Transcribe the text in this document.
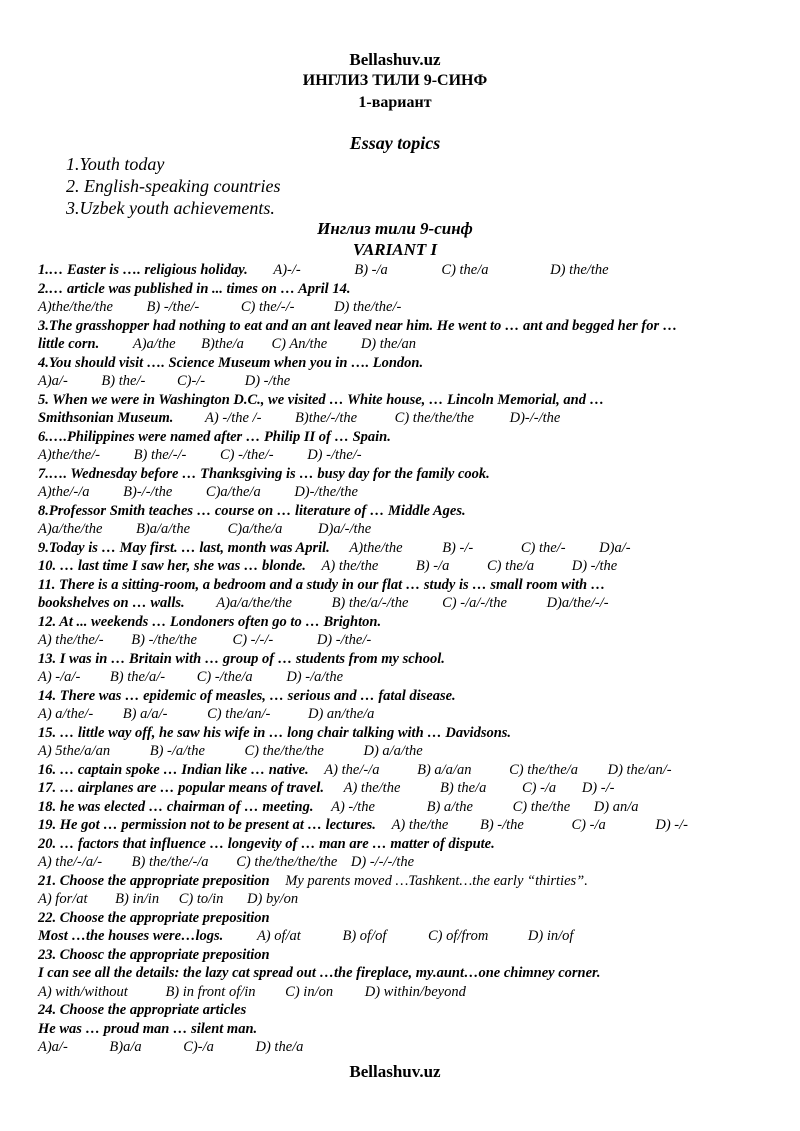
Bellashuv.uz
ИНГЛИЗ ТИЛИ 9-СИНФ
1-вариант
Essay topics
1.Youth today
2. English-speaking countries
3.Uzbek youth achievements.
Инглиз тили 9-синф
VARIANT I
1.… Easter is …. religious holiday. A)-/-	B) -/a	C) the/a	D) the/the
2.… article was published in ... times on … April 14.
A)the/the/the B) -/the/-	C) the/-/-	D) the/the/-
3.The grasshopper had nothing to eat and an ant leaved near him. He went to … ant and begged her for …
little corn. A)a/the B)the/a C) An/the D) the/an
4.You should visit …. Science Museum when you in …. London.
A)a/- B) the/- C)-/-	D) -/the
5. When we were in Washington D.C., we visited … White house, … Lincoln Memorial, and …
Smithsonian Museum. A) -/the /- B)the/-/the	C) the/the/the D)-/-/the
6.….Philippines were named after … Philip II of … Spain.
A)the/the/- B) the/-/- C) -/the/- D) -/the/-
7.…. Wednesday before … Thanksgiving is … busy day for the family cook.
A)the/-/a B)-/-/the C)a/the/a D)-/the/the
8.Professor Smith teaches … course on … literature of … Middle Ages.
A)a/the/the B)a/a/the	C)a/the/a D)a/-/the
9.Today is … May first. … last, month was April. A)the/the	B) -/-	C) the/- D)a/-
10. … last time I saw her, she was … blonde. A) the/the	B) -/a	C) the/a	D) -/the
11. There is a sitting-room, a bedroom and a study in our flat … study is … small room with …
bookshelves on … walls. A)a/a/the/the	B) the/a/-/the C) -/a/-/the	D)a/the/-/-
12. At ... weekends … Londoners often go to … Brighton.
A) the/the/- B) -/the/the C) -/-/-	D) -/the/-
13. I was in … Britain with … group of … students from my school.
A) -/a/- B) the/a/- C) -/the/a D) -/a/the
14. There was … epidemic of measles, … serious and … fatal disease.
A) a/the/- B) a/a/-	C) the/an/-	D) an/the/a
15. … little way off, he saw his wife in … long chair talking with … Davidsons.
A) 5the/a/an	B) -/a/the	C) the/the/the	D) a/a/the
16. … captain spoke … Indian like … native. A) the/-/a	B) a/a/an	C) the/the/a D) the/an/-
17. … airplanes are … popular means of travel. A) the/the	B) the/a C) -/a D) -/-
18. he was elected … chairman of … meeting. A) -/the	B) a/the	C) the/the D) an/a
19. He got … permission not to be present at … lectures. A) the/the B) -/the	C) -/a	D) -/-
20. … factors that influence … longevity of … man are … matter of dispute.
A) the/-/a/- B) the/the/-/a C) the/the/the/the D) -/-/-/the
21. Choose the appropriate preposition My parents moved …Tashkent…the early “thirties”.
A) for/at B) in/in C) to/in D) by/on
22. Choose the appropriate preposition
Most …the houses were…logs. A) of/at	B) of/of	C) of/from	D) in/of
23. Choosc the appropriate preposition
I can see all the details: the lazy cat spread out …the fireplace, my.aunt…one chimney corner.
A) with/without	B) in front of/in C) in/on D) within/beyond
24. Choose the appropriate articles
He was … proud man … silent man.
A)a/-	B)a/a	C)-/a	D) the/a
Bellashuv.uz
